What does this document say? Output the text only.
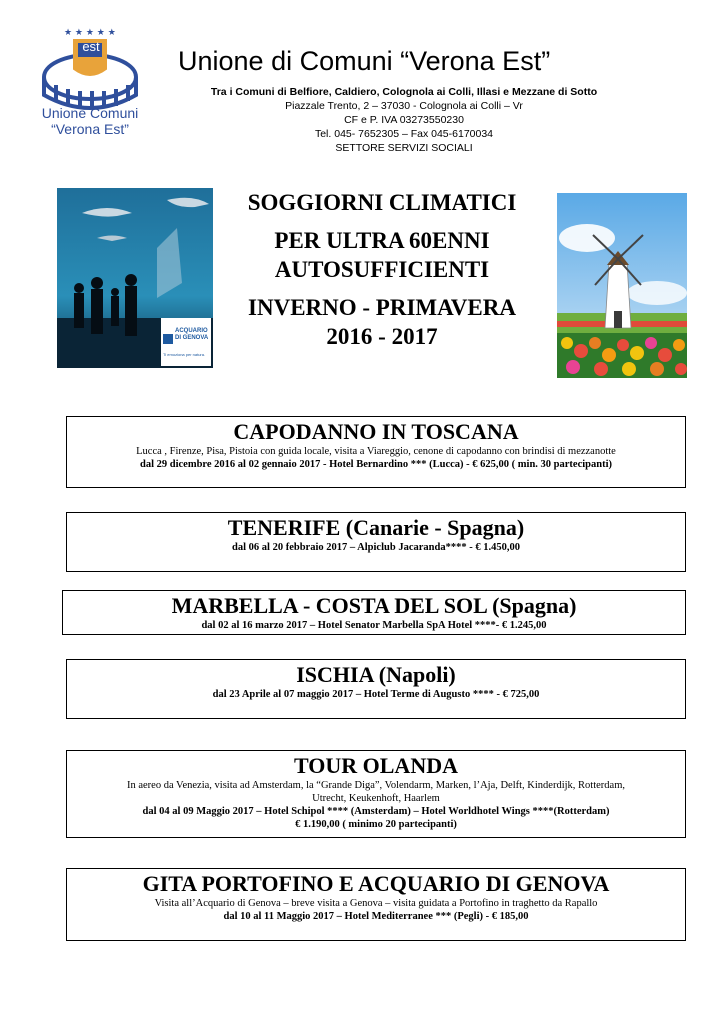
★ ★ ★ ★ ★
est
Unione Comuni
“Verona Est”
Unione di Comuni “Verona Est”
Tra i Comuni di Belfiore, Caldiero, Colognola ai Colli, Illasi e Mezzane di Sotto
Piazzale Trento, 2 – 37030 - Colognola ai Colli – Vr
CF e P. IVA 03273550230
Tel. 045- 7652305 – Fax 045-6170034
SETTORE SERVIZI SOCIALI
ACQUARIO
DI GENOVA
Ti emoziona per natura.
SOGGIORNI CLIMATICI
PER ULTRA 60ENNI
AUTOSUFFICIENTI
INVERNO - PRIMAVERA
2016 - 2017
CAPODANNO IN TOSCANA
Lucca , Firenze, Pisa, Pistoia con guida locale, visita a Viareggio, cenone di capodanno con brindisi di mezzanotte
dal 29 dicembre 2016 al 02 gennaio 2017 - Hotel Bernardino *** (Lucca) - € 625,00 ( min. 30 partecipanti)
TENERIFE (Canarie - Spagna)
dal 06 al 20 febbraio 2017 – Alpiclub Jacaranda**** - € 1.450,00
MARBELLA - COSTA DEL SOL (Spagna)
dal 02 al 16 marzo 2017 – Hotel Senator Marbella SpA Hotel ****- € 1.245,00
ISCHIA (Napoli)
dal 23 Aprile al 07 maggio 2017 – Hotel Terme di Augusto **** - € 725,00
TOUR OLANDA
In aereo da Venezia, visita ad Amsterdam, la “Grande Diga”, Volendarm, Marken, l’Aja, Delft, Kinderdijk, Rotterdam,
Utrecht, Keukenhoft, Haarlem
dal 04 al 09 Maggio 2017 – Hotel Schipol **** (Amsterdam) – Hotel Worldhotel Wings ****(Rotterdam)
€ 1.190,00 ( minimo 20 partecipanti)
GITA PORTOFINO E ACQUARIO DI GENOVA
Visita all’Acquario di Genova – breve visita a Genova – visita guidata a Portofino in traghetto da Rapallo
dal 10 al 11 Maggio 2017 – Hotel Mediterranee *** (Pegli) - € 185,00
